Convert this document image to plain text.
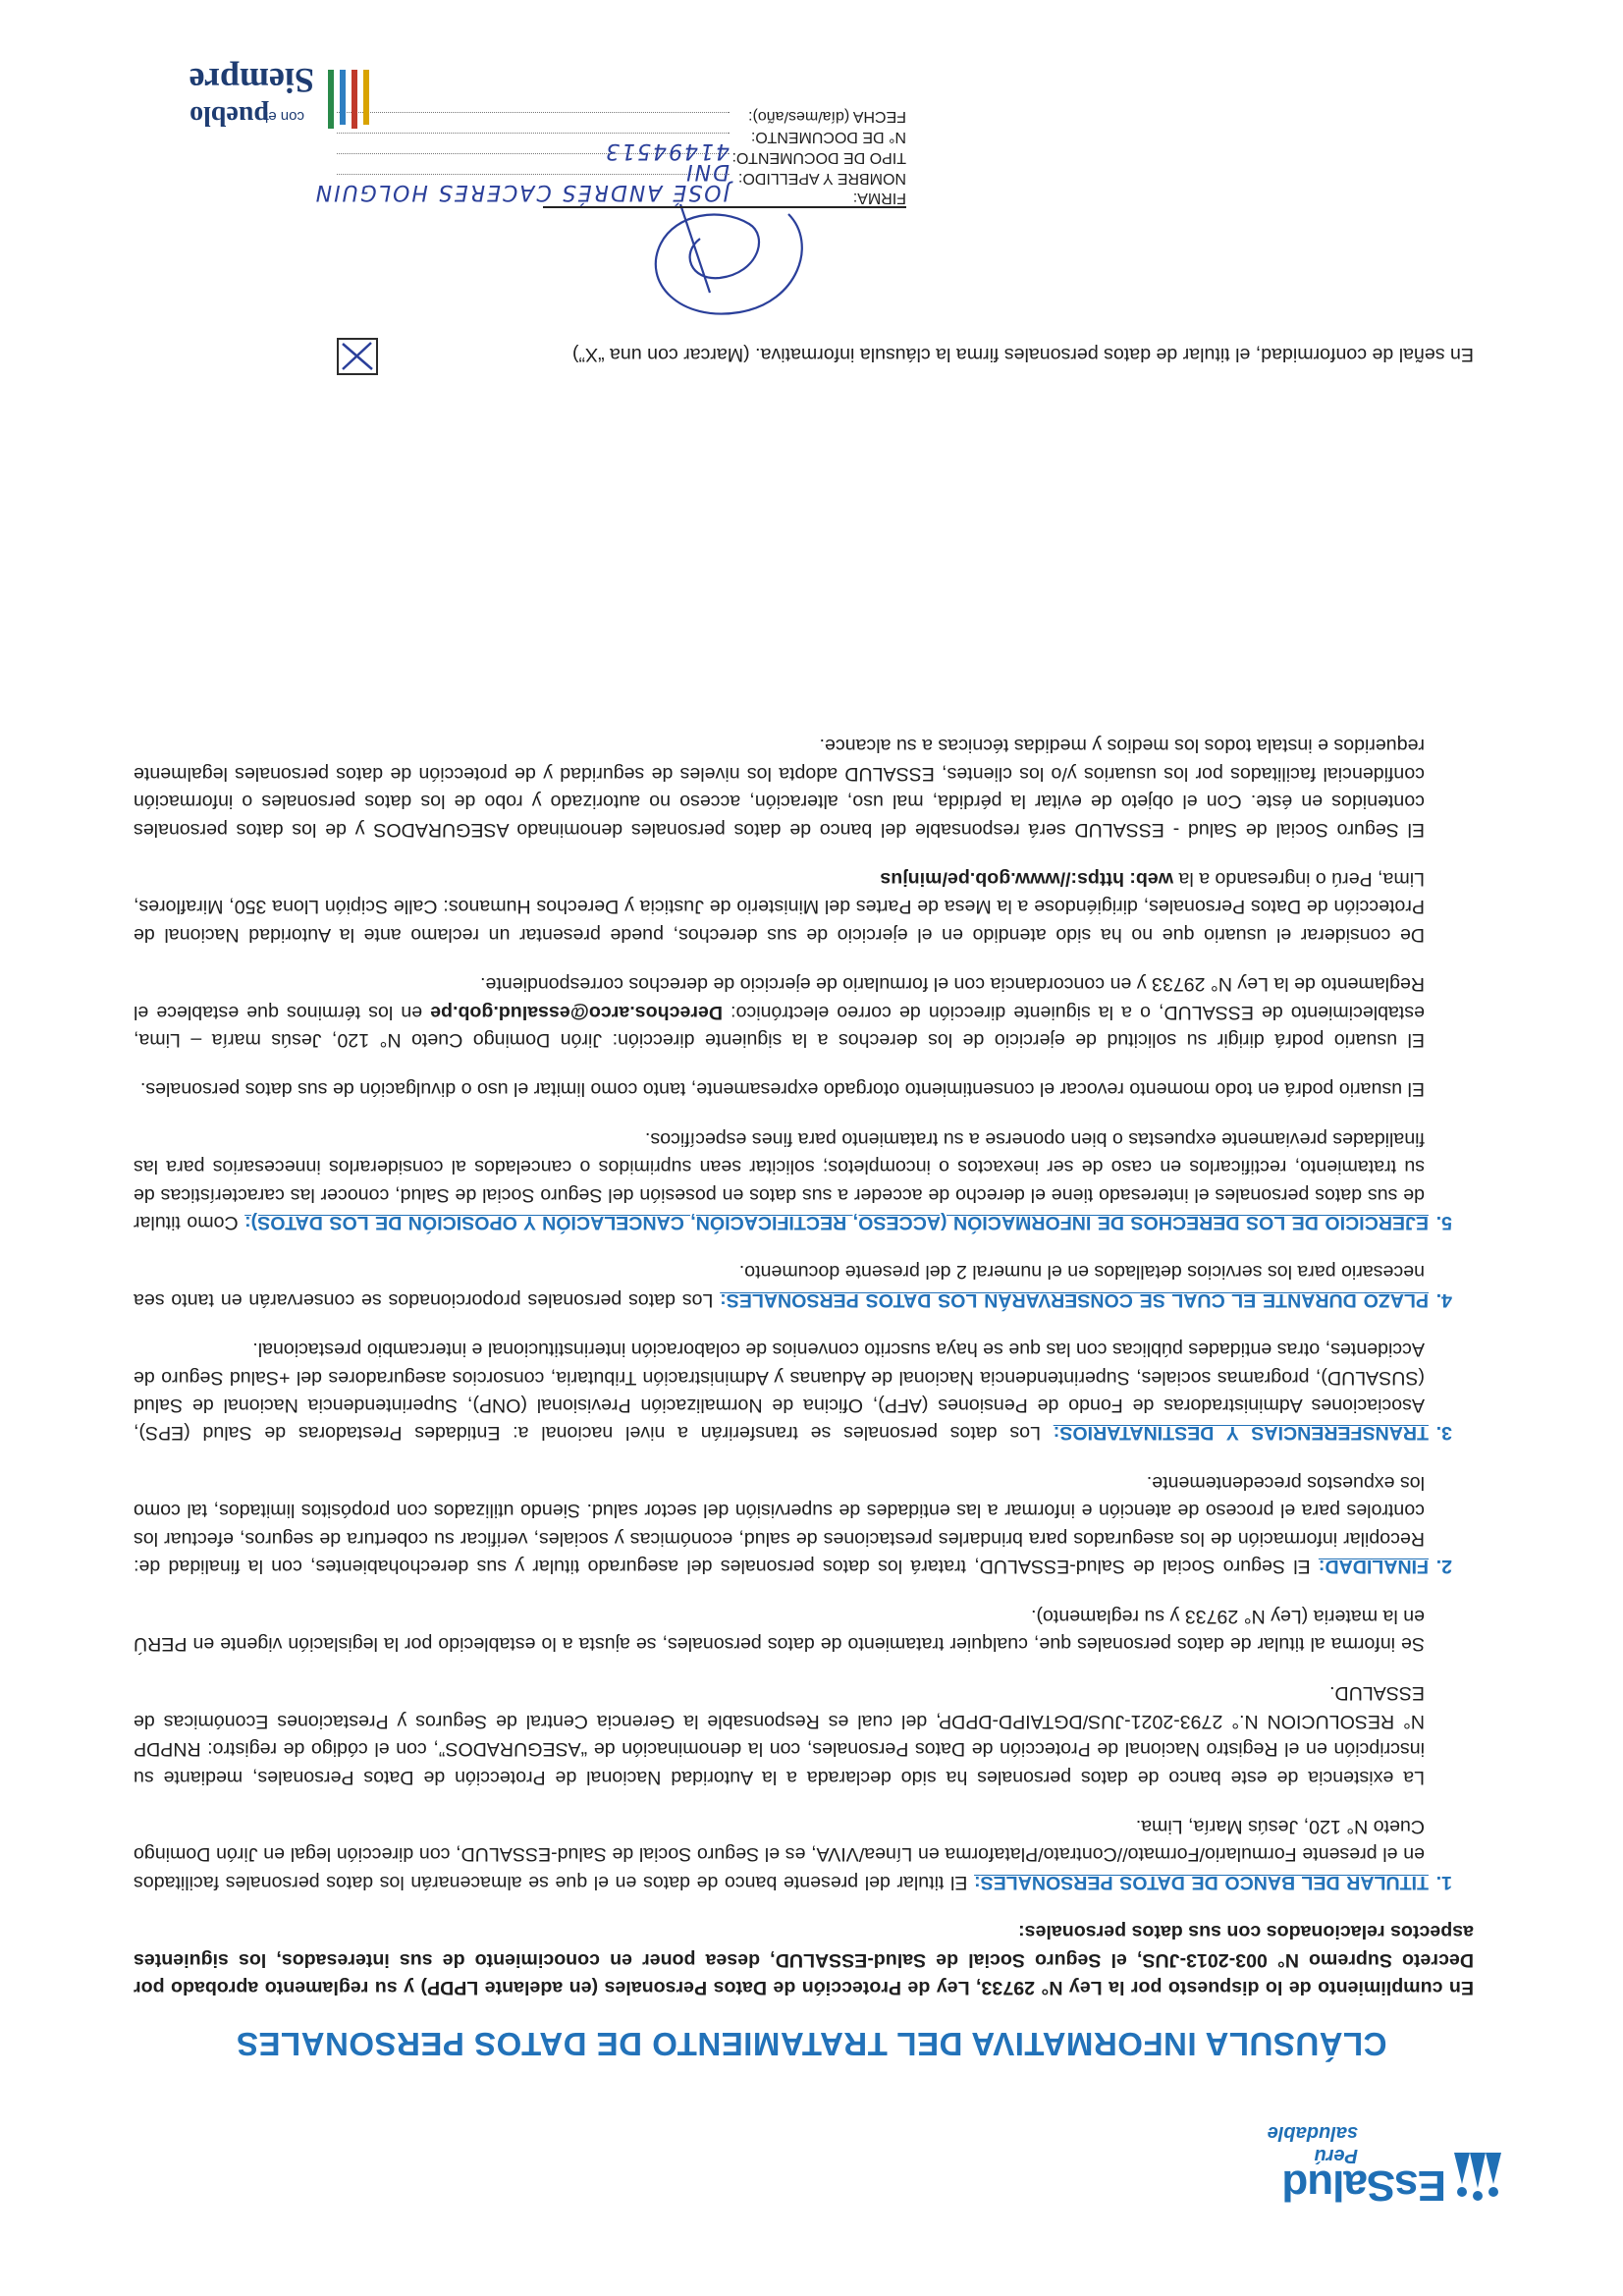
EsSalud
Perú saludable
CLÁUSULA INFORMATIVA DEL TRATAMIENTO DE DATOS PERSONALES

En cumplimiento de lo dispuesto por la Ley N° 29733, Ley de Protección de Datos Personales (en adelante LPDP) y su reglamento aprobado por Decreto Supremo N° 003-2013-JUS, el Seguro Social de Salud-ESSALUD, desea poner en conocimiento de sus interesados, los siguientes aspectos relacionados con sus datos personales:

1.TITULAR DEL BANCO DE DATOS PERSONALES: El titular del presente banco de datos en el que se almacenarán los datos personales facilitados en el presente Formulario/Formato//Contrato/Plataforma en Línea/VIVA, es el Seguro Social de Salud-ESSALUD, con dirección legal en Jirón Domingo Cueto N° 120, Jesús María, Lima.

La existencia de este banco de datos personales ha sido declarada a la Autoridad Nacional de Protección de Datos Personales, mediante su inscripción en el Registro Nacional de Protección de Datos Personales, con la denominación de “ASEGURADOS”, con el código de registro: RNPDP N° RESOLUCION N.° 2793-2021-JUS/DGTAIPD-DPDP, del cual es Responsable la Gerencia Central de Seguros y Prestaciones Económicas de ESSALUD.

Se informa al titular de datos personales que, cualquier tratamiento de datos personales, se ajusta a lo establecido por la legislación vigente en PERÚ en la materia (Ley N° 29733 y su reglamento).

2.FINALIDAD: El Seguro Social de Salud-ESSALUD, tratará los datos personales del asegurado titular y sus derechohabientes, con la finalidad de: Recopilar información de los asegurados para brindarles prestaciones de salud, económicas y sociales, verificar su cobertura de seguros, efectuar los controles para el proceso de atención e informar a las entidades de supervisión del sector salud. Siendo utilizados con propósitos limitados, tal como los expuestos precedentemente.
3.TRANSFERENCIAS Y DESTINATARIOS: Los datos personales se transferirán a nivel nacional a: Entidades Prestadoras de Salud (EPS), Asociaciones Administradoras de Fondo de Pensiones (AFP), Oficina de Normalización Previsional (ONP), Superintendencia Nacional de Salud (SUSALUD), programas sociales, Superintendencia Nacional de Aduanas y Administración Tributaria, consorcios aseguradores del +Salud Seguro de Accidentes, otras entidades públicas con las que se haya suscrito convenios de colaboración interinstitucional e intercambio prestacional.
4.PLAZO DURANTE EL CUAL SE CONSERVARÁN LOS DATOS PERSONALES: Los datos personales proporcionados se conservarán en tanto sea necesario para los servicios detallados en el numeral 2 del presente documento.
5.EJERCICIO DE LOS DERECHOS DE INFORMACIÓN (ACCESO, RECTIFICACIÓN, CANCELACIÓN Y OPOSICIÓN DE LOS DATOS): Como titular de sus datos personales el interesado tiene el derecho de acceder a sus datos en posesión del Seguro Social de Salud, conocer las características de su tratamiento, rectificarlos en caso de ser inexactos o incompletos; solicitar sean suprimidos o cancelados al considerarlos innecesarios para las finalidades previamente expuestas o bien oponerse a su tratamiento para fines específicos.

El usuario podrá en todo momento revocar el consentimiento otorgado expresamente, tanto como limitar el uso o divulgación de sus datos personales.

El usuario podrá dirigir su solicitud de ejercicio de los derechos a la siguiente dirección: Jirón Domingo Cueto N° 120, Jesús maría – Lima, establecimiento de ESSALUD, o a la siguiente dirección de correo electrónico: Derechos.arco@essalud.gob.pe en los términos que establece el Reglamento de la Ley N° 29733 y en concordancia con el formulario de ejercicio de derechos correspondiente.

De considerar el usuario que no ha sido atendido en el ejercicio de sus derechos, puede presentar un reclamo ante la Autoridad Nacional de Protección de Datos Personales, dirigiéndose a la Mesa de Partes del Ministerio de Justicia y Derechos Humanos: Calle Scipión Llona 350, Miraflores, Lima, Perú o ingresando a la web: https://www.gob.pe/minjus

El Seguro Social de Salud - ESSALUD será responsable del banco de datos personales denominado ASEGURADOS y de los datos personales contenidos en éste. Con el objeto de evitar la pérdida, mal uso, alteración, acceso no autorizado y robo de los datos personales o información confidencial facilitados por los usuarios y/o los clientes, ESSALUD adopta los niveles de seguridad y de protección de datos personales legalmente requeridos e instala todos los medios y medidas técnicas a su alcance.

En señal de conformidad, el titular de datos personales firma la cláusula informativa. (Marcar con una “X”)
FIRMA:
NOMBRE Y APELLIDO:
JOSÉ ANDRÉS CACERES HOLGUIN
TIPO DE DOCUMENTO:
DNI
N° DE DOCUMENTO:
41494513
FECHA (día/mes/año):
Siempre
con el
pueblo
